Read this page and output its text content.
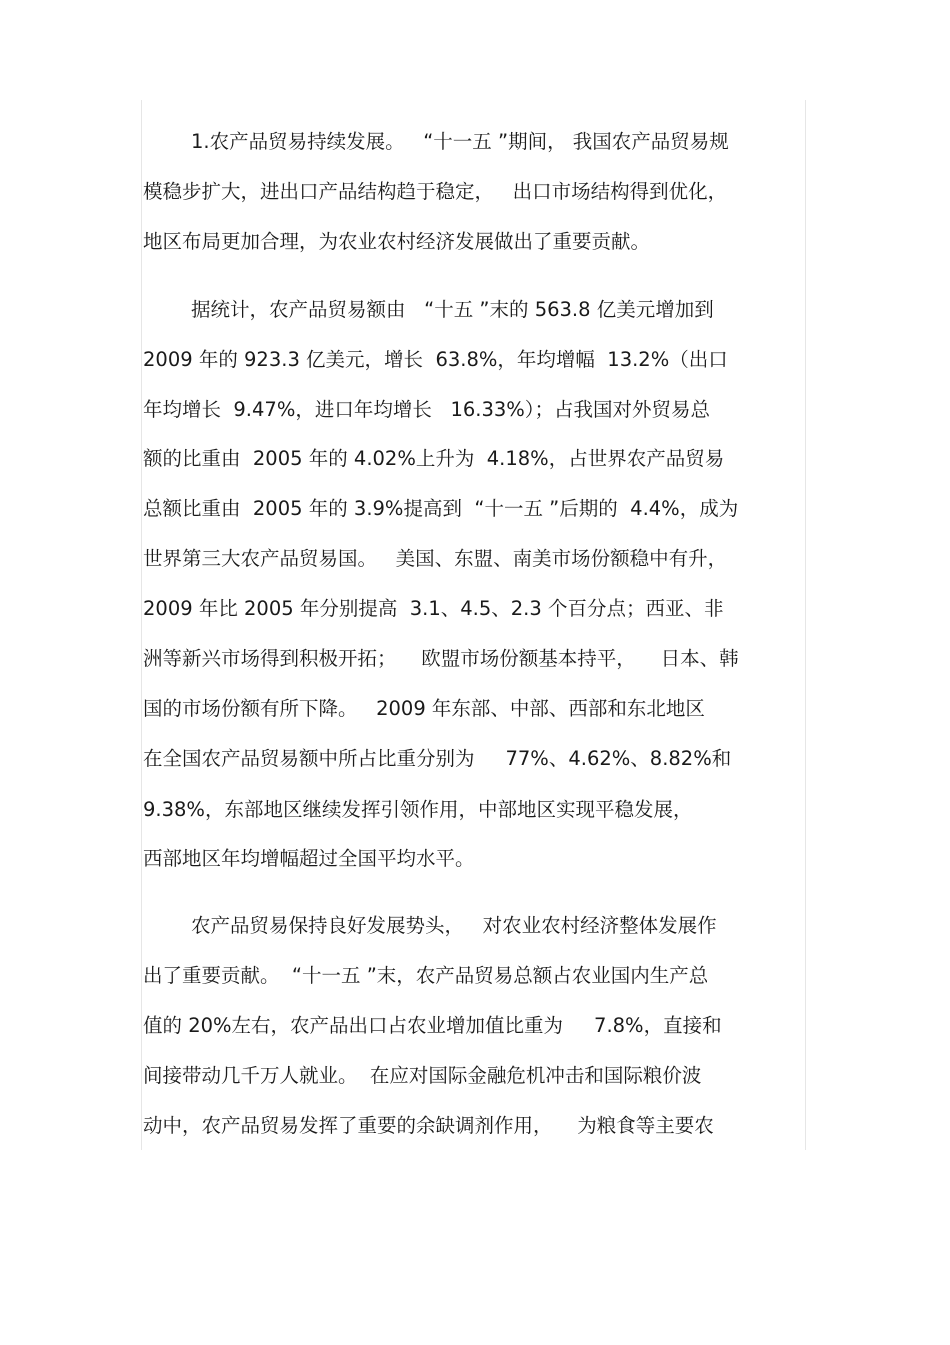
1.农产品贸易持续发展。   “十一五 ”期间， 我国农产品贸易规
模稳步扩大，进出口产品结构趋于稳定，   出口市场结构得到优化，
地区布局更加合理，为农业农村经济发展做出了重要贡献。
据统计，农产品贸易额由   “十五 ”末的 563.8 亿美元增加到
2009 年的 923.3 亿美元，增长  63.8%，年均增幅  13.2%（出口
年均增长  9.47%，进口年均增长   16.33%）；占我国对外贸易总
额的比重由  2005 年的 4.02%上升为  4.18%，占世界农产品贸易
总额比重由  2005 年的 3.9%提高到  “十一五 ”后期的  4.4%，成为
世界第三大农产品贸易国。   美国、东盟、南美市场份额稳中有升，
2009 年比 2005 年分别提高  3.1、4.5、2.3 个百分点；西亚、非
洲等新兴市场得到积极开拓；    欧盟市场份额基本持平，    日本、韩
国的市场份额有所下降。   2009 年东部、中部、西部和东北地区
在全国农产品贸易额中所占比重分别为     77%、4.62%、8.82%和
9.38%，东部地区继续发挥引领作用，中部地区实现平稳发展，
西部地区年均增幅超过全国平均水平。
农产品贸易保持良好发展势头，   对农业农村经济整体发展作
出了重要贡献。  “十一五 ”末，农产品贸易总额占农业国内生产总
值的 20%左右，农产品出口占农业增加值比重为     7.8%，直接和
间接带动几千万人就业。  在应对国际金融危机冲击和国际粮价波
动中，农产品贸易发挥了重要的余缺调剂作用，    为粮食等主要农
